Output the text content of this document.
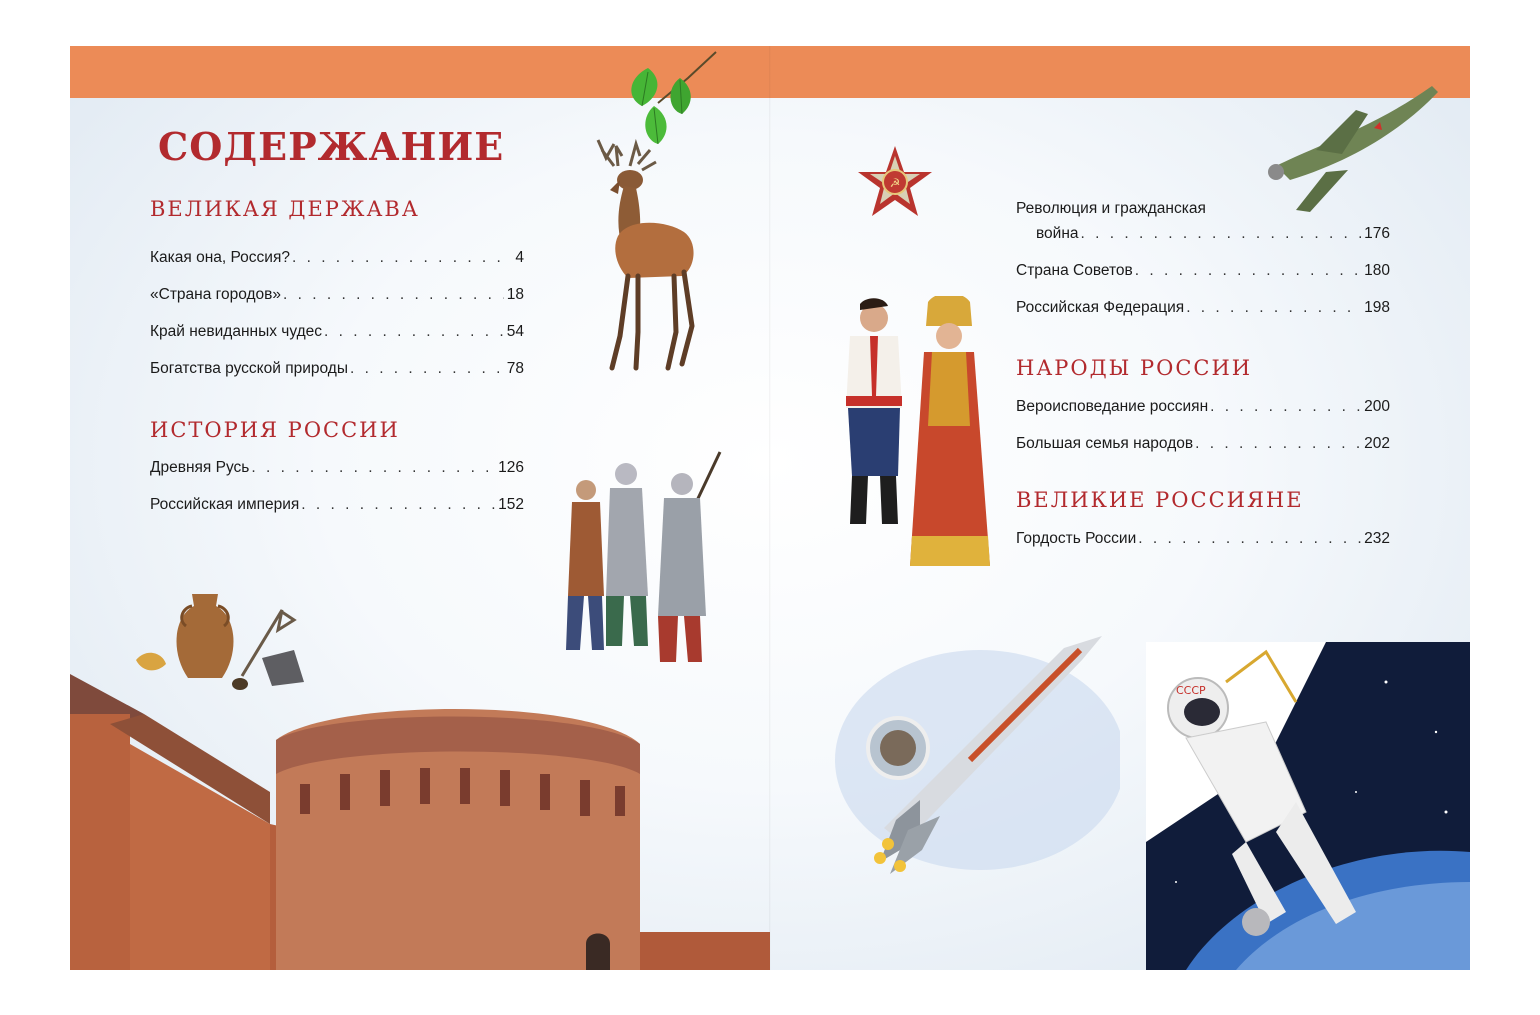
СОДЕРЖАНИЕ
ВЕЛИКАЯ ДЕРЖАВА
Какая она, Россия? . . .	4
«Страна городов» . . .	18
Край невиданных чудес . . .	54
Богатства русской природы . . .	78
ИСТОРИЯ РОССИИ
Древняя Русь . . .	126
Российская империя . . .	152
Революция и гражданская
война . . .	176
Страна Советов . . .	180
Российская Федерация . . .	198
НАРОДЫ РОССИИ
Вероисповедание россиян . . .	200
Большая семья народов . . .	202
ВЕЛИКИЕ РОССИЯНЕ
Гордость России . . .	232
☭
СССР
